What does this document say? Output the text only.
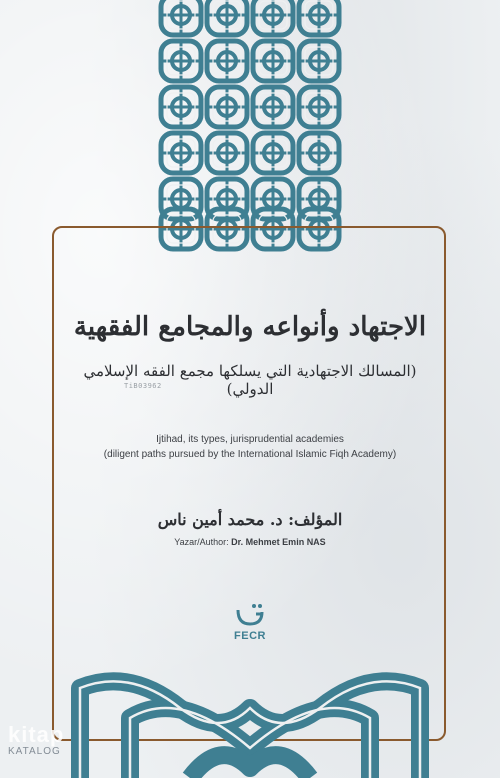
الاجتهاد وأنواعه والمجامع الفقهية
(المسالك الاجتهادية التي يسلكها مجمع الفقه الإسلامي الدولي)
TiB03962
Ijtihad, its types, jurisprudential academies
(diligent paths pursued by the International Islamic Fiqh Academy)
المؤلف: د. محمد أمين ناس
Yazar/Author: Dr. Mehmet Emin NAS
FECR
kitap
KATALOG
